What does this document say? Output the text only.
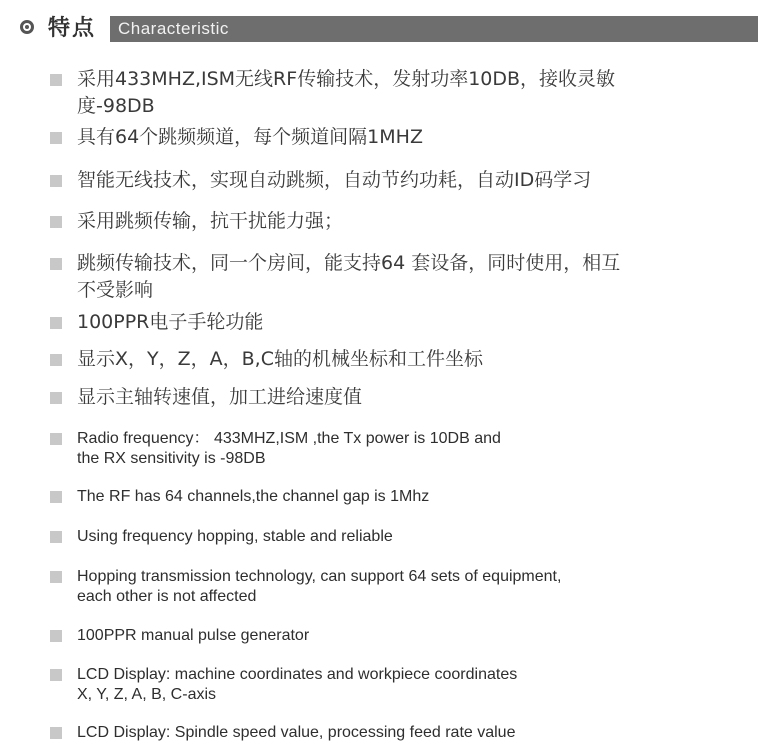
特点 Characteristic
采用433MHZ,ISM无线RF传输技术，发射功率10DB，接收灵敏
度-98DB
具有64个跳频频道，每个频道间隔1MHZ
智能无线技术，实现自动跳频，自动节约功耗，自动ID码学习
采用跳频传输，抗干扰能力强；
跳频传输技术，同一个房间，能支持64 套设备，同时使用，相互
不受影响
100PPR电子手轮功能
显示X，Y，Z，A，B,C轴的机械坐标和工件坐标
显示主轴转速值，加工进给速度值
Radio frequency： 433MHZ,ISM ,the Tx power is 10DB and
the RX sensitivity is -98DB
The RF has 64 channels,the channel gap is 1Mhz
Using frequency hopping, stable and reliable
Hopping transmission technology, can support 64 sets of equipment,
each other is not affected
100PPR manual pulse generator
LCD Display: machine coordinates and workpiece coordinates
X, Y, Z, A, B, C-axis
LCD Display: Spindle speed value, processing feed rate value
